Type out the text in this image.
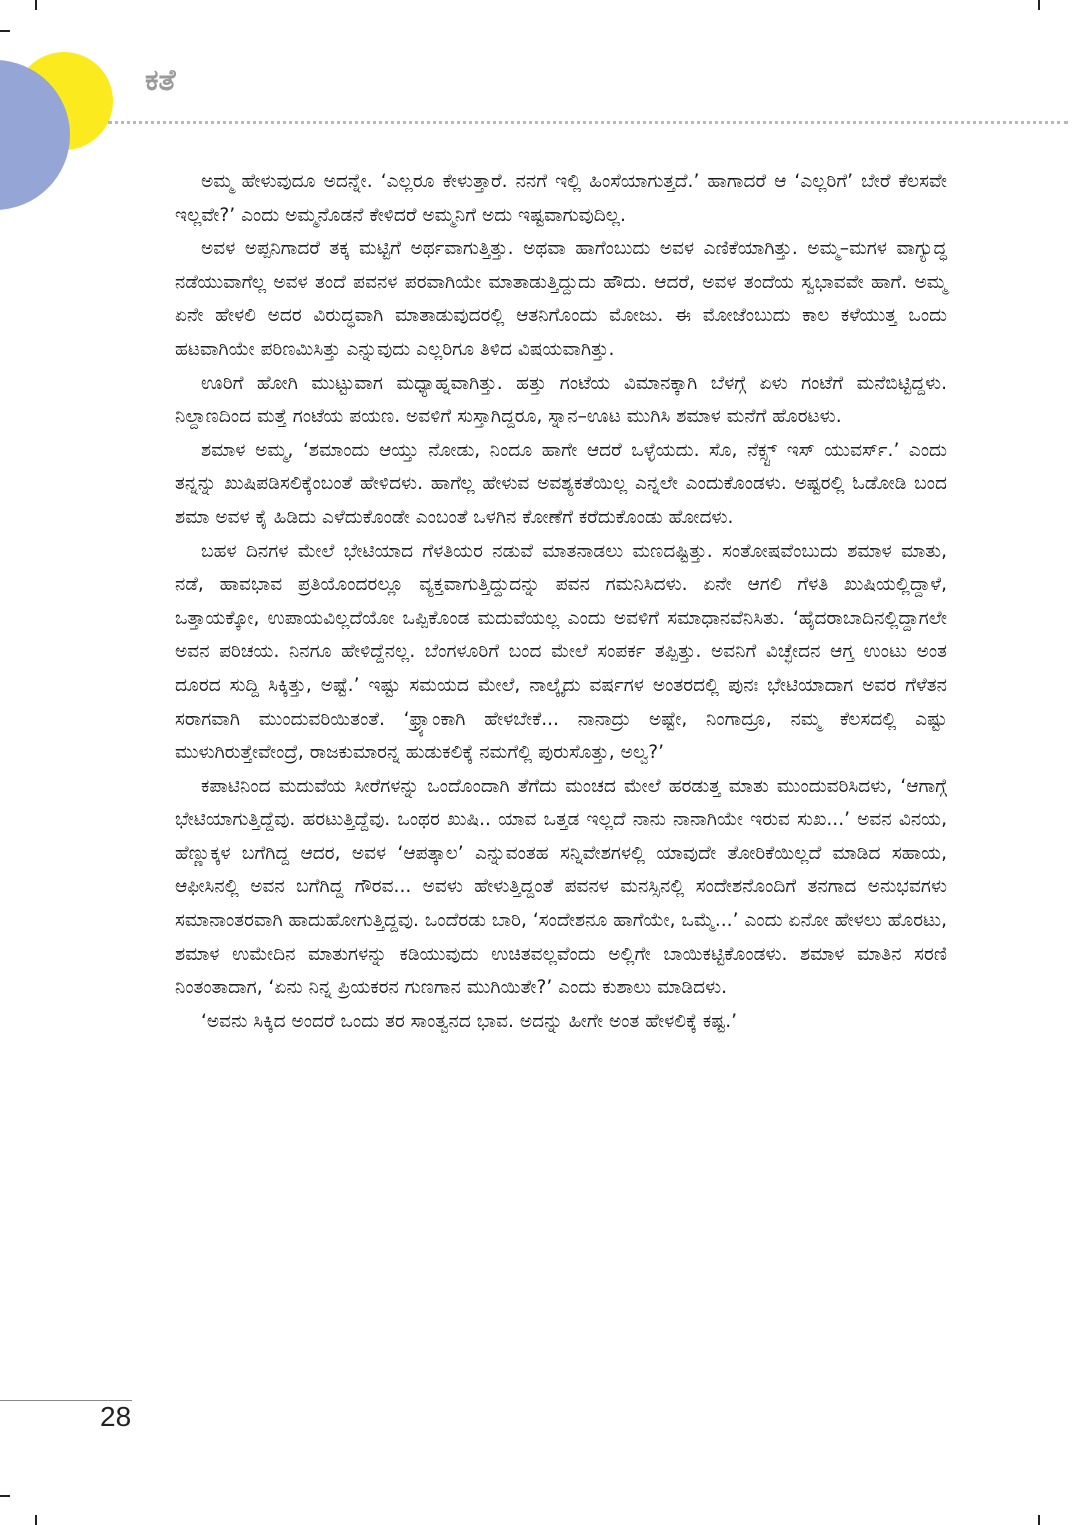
ಕತೆ

ಅಮ್ಮ ಹೇಳುವುದೂ ಅದನ್ನೇ. ‘ಎಲ್ಲರೂ ಕೇಳುತ್ತಾರೆ. ನನಗೆ ಇಲ್ಲಿ ಹಿಂಸೆಯಾಗುತ್ತದೆ.’ ಹಾಗಾದರೆ ಆ ‘ಎಲ್ಲರಿಗೆ’ ಬೇರೆ ಕೆಲಸವೇ ಇಲ್ಲವೇ?’ ಎಂದು ಅಮ್ಮನೊಡನೆ ಕೇಳಿದರೆ ಅಮ್ಮನಿಗೆ ಅದು ಇಷ್ಟವಾಗುವುದಿಲ್ಲ.

ಅವಳ ಅಪ್ಪನಿಗಾದರೆ ತಕ್ಕ ಮಟ್ಟಿಗೆ ಅರ್ಥವಾಗುತ್ತಿತ್ತು. ಅಥವಾ ಹಾಗೆಂಬುದು ಅವಳ ಎಣಿಕೆಯಾಗಿತ್ತು. ಅಮ್ಮ–ಮಗಳ ವಾಗ್ಯುದ್ಧ ನಡೆಯುವಾಗೆಲ್ಲ ಅವಳ ತಂದೆ ಪವನಳ ಪರವಾಗಿಯೇ ಮಾತಾಡುತ್ತಿದ್ದುದು ಹೌದು. ಆದರೆ, ಅವಳ ತಂದೆಯ ಸ್ವಭಾವವೇ ಹಾಗೆ. ಅಮ್ಮ ಏನೇ ಹೇಳಲಿ ಅದರ ವಿರುದ್ಧವಾಗಿ ಮಾತಾಡುವುದರಲ್ಲಿ ಆತನಿಗೊಂದು ಮೋಜು. ಈ ಮೋಜೆಂಬುದು ಕಾಲ ಕಳೆಯುತ್ತ ಒಂದು ಹಟವಾಗಿಯೇ ಪರಿಣಮಿಸಿತ್ತು ಎನ್ನುವುದು ಎಲ್ಲರಿಗೂ ತಿಳಿದ ವಿಷಯವಾಗಿತ್ತು.

ಊರಿಗೆ ಹೋಗಿ ಮುಟ್ಟುವಾಗ ಮಧ್ಯಾಹ್ನವಾಗಿತ್ತು. ಹತ್ತು ಗಂಟೆಯ ವಿಮಾನಕ್ಕಾಗಿ ಬೆಳಗ್ಗೆ ಏಳು ಗಂಟೆಗೆ ಮನೆಬಿಟ್ಟಿದ್ದಳು. ನಿಲ್ದಾಣದಿಂದ ಮತ್ತೆ ಗಂಟೆಯ ಪಯಣ. ಅವಳಿಗೆ ಸುಸ್ತಾಗಿದ್ದರೂ, ಸ್ನಾನ–ಊಟ ಮುಗಿಸಿ ಶಮಾಳ ಮನೆಗೆ ಹೊರಟಳು.

ಶಮಾಳ ಅಮ್ಮ, ‘ಶಮಾಂದು ಆಯ್ತು ನೋಡು, ನಿಂದೂ ಹಾಗೇ ಆದರೆ ಒಳ್ಳೆಯದು. ಸೊ, ನೆಕ್ಸ್ಟ್ ಇಸ್ ಯುವರ್ಸ್.’ ಎಂದು ತನ್ನನ್ನು ಖುಷಿಪಡಿಸಲಿಕ್ಕೆಂಬಂತೆ ಹೇಳಿದಳು. ಹಾಗೆಲ್ಲ ಹೇಳುವ ಅವಶ್ಯಕತೆಯಿಲ್ಲ ಎನ್ನಲೇ ಎಂದುಕೊಂಡಳು. ಅಷ್ಟರಲ್ಲಿ ಓಡೋಡಿ ಬಂದ ಶಮಾ ಅವಳ ಕೈ ಹಿಡಿದು ಎಳೆದುಕೊಂಡೇ ಎಂಬಂತೆ ಒಳಗಿನ ಕೋಣೆಗೆ ಕರೆದುಕೊಂಡು ಹೋದಳು.

ಬಹಳ ದಿನಗಳ ಮೇಲೆ ಭೇಟಿಯಾದ ಗೆಳತಿಯರ ನಡುವೆ ಮಾತನಾಡಲು ಮಣದಷ್ಟಿತ್ತು. ಸಂತೋಷವೆಂಬುದು ಶಮಾಳ ಮಾತು, ನಡೆ, ಹಾವಭಾವ ಪ್ರತಿಯೊಂದರಲ್ಲೂ ವ್ಯಕ್ತವಾಗುತ್ತಿದ್ದುದನ್ನು ಪವನ ಗಮನಿಸಿದಳು. ಏನೇ ಆಗಲಿ ಗೆಳತಿ ಖುಷಿಯಲ್ಲಿದ್ದಾಳೆ, ಒತ್ತಾಯಕ್ಕೋ, ಉಪಾಯವಿಲ್ಲದೆಯೋ ಒಪ್ಪಿಕೊಂಡ ಮದುವೆಯಲ್ಲ ಎಂದು ಅವಳಿಗೆ ಸಮಾಧಾನವೆನಿಸಿತು. ‘ಹೈದರಾಬಾದಿನಲ್ಲಿದ್ದಾಗಲೇ ಅವನ ಪರಿಚಯ. ನಿನಗೂ ಹೇಳಿದ್ದೆನಲ್ಲ. ಬೆಂಗಳೂರಿಗೆ ಬಂದ ಮೇಲೆ ಸಂಪರ್ಕ ತಪ್ಪಿತ್ತು. ಅವನಿಗೆ ವಿಚ್ಛೇದನ ಆಗ್ತ ಉಂಟು ಅಂತ ದೂರದ ಸುದ್ದಿ ಸಿಕ್ಕಿತ್ತು, ಅಷ್ಟೆ.’ ಇಷ್ಟು ಸಮಯದ ಮೇಲೆ, ನಾಲ್ಕೈದು ವರ್ಷಗಳ ಅಂತರದಲ್ಲಿ ಪುನಃ ಭೇಟಿಯಾದಾಗ ಅವರ ಗೆಳೆತನ ಸರಾಗವಾಗಿ ಮುಂದುವರಿಯಿತಂತೆ. ‘ಫ್ರ್ಯಾಂಕಾಗಿ ಹೇಳಬೇಕೆ... ನಾನಾದ್ರು ಅಷ್ಟೇ, ನಿಂಗಾದ್ರೂ, ನಮ್ಮ ಕೆಲಸದಲ್ಲಿ ಎಷ್ಟು ಮುಳುಗಿರುತ್ತೇವೇಂದ್ರೆ, ರಾಜಕುಮಾರನ್ನ ಹುಡುಕಲಿಕ್ಕೆ ನಮಗೆಲ್ಲಿ ಪುರುಸೊತ್ತು, ಅಲ್ವ?’

ಕಪಾಟಿನಿಂದ ಮದುವೆಯ ಸೀರೆಗಳನ್ನು ಒಂದೊಂದಾಗಿ ತೆಗೆದು ಮಂಚದ ಮೇಲೆ ಹರಡುತ್ತ ಮಾತು ಮುಂದುವರಿಸಿದಳು, ‘ಆಗಾಗ್ಗೆ ಭೇಟಿಯಾಗುತ್ತಿದ್ದೆವು. ಹರಟುತ್ತಿದ್ದೆವು. ಒಂಥರ ಖುಷಿ.. ಯಾವ ಒತ್ತಡ ಇಲ್ಲದೆ ನಾನು ನಾನಾಗಿಯೇ ಇರುವ ಸುಖ...’ ಅವನ ವಿನಯ, ಹೆಣ್ಣುಕ್ಕಳ ಬಗೆಗಿದ್ದ ಆದರ, ಅವಳ ‘ಆಪತ್ಕಾಲ’ ಎನ್ನುವಂತಹ ಸನ್ನಿವೇಶಗಳಲ್ಲಿ ಯಾವುದೇ ತೋರಿಕೆಯಿಲ್ಲದೆ ಮಾಡಿದ ಸಹಾಯ, ಆಫೀಸಿನಲ್ಲಿ ಅವನ ಬಗೆಗಿದ್ದ ಗೌರವ... ಅವಳು ಹೇಳುತ್ತಿದ್ದಂತೆ ಪವನಳ ಮನಸ್ಸಿನಲ್ಲಿ ಸಂದೇಶನೊಂದಿಗೆ ತನಗಾದ ಅನುಭವಗಳು ಸಮಾನಾಂತರವಾಗಿ ಹಾದುಹೋಗುತ್ತಿದ್ದವು. ಒಂದೆರಡು ಬಾರಿ, ‘ಸಂದೇಶನೂ ಹಾಗೆಯೇ, ಒಮ್ಮೆ...’ ಎಂದು ಏನೋ ಹೇಳಲು ಹೊರಟು, ಶಮಾಳ ಉಮೇದಿನ ಮಾತುಗಳನ್ನು ಕಡಿಯುವುದು ಉಚಿತವಲ್ಲವೆಂದು ಅಲ್ಲಿಗೇ ಬಾಯಿಕಟ್ಟಿಕೊಂಡಳು. ಶಮಾಳ ಮಾತಿನ ಸರಣಿ ನಿಂತಂತಾದಾಗ, ‘ಏನು ನಿನ್ನ ಪ್ರಿಯಕರನ ಗುಣಗಾನ ಮುಗಿಯಿತೇ?’ ಎಂದು ಕುಶಾಲು ಮಾಡಿದಳು.

‘ಅವನು ಸಿಕ್ಕಿದ ಅಂದರೆ ಒಂದು ತರ ಸಾಂತ್ವನದ ಭಾವ. ಅದನ್ನು ಹೀಗೇ ಅಂತ ಹೇಳಲಿಕ್ಕೆ ಕಷ್ಟ.’

28
